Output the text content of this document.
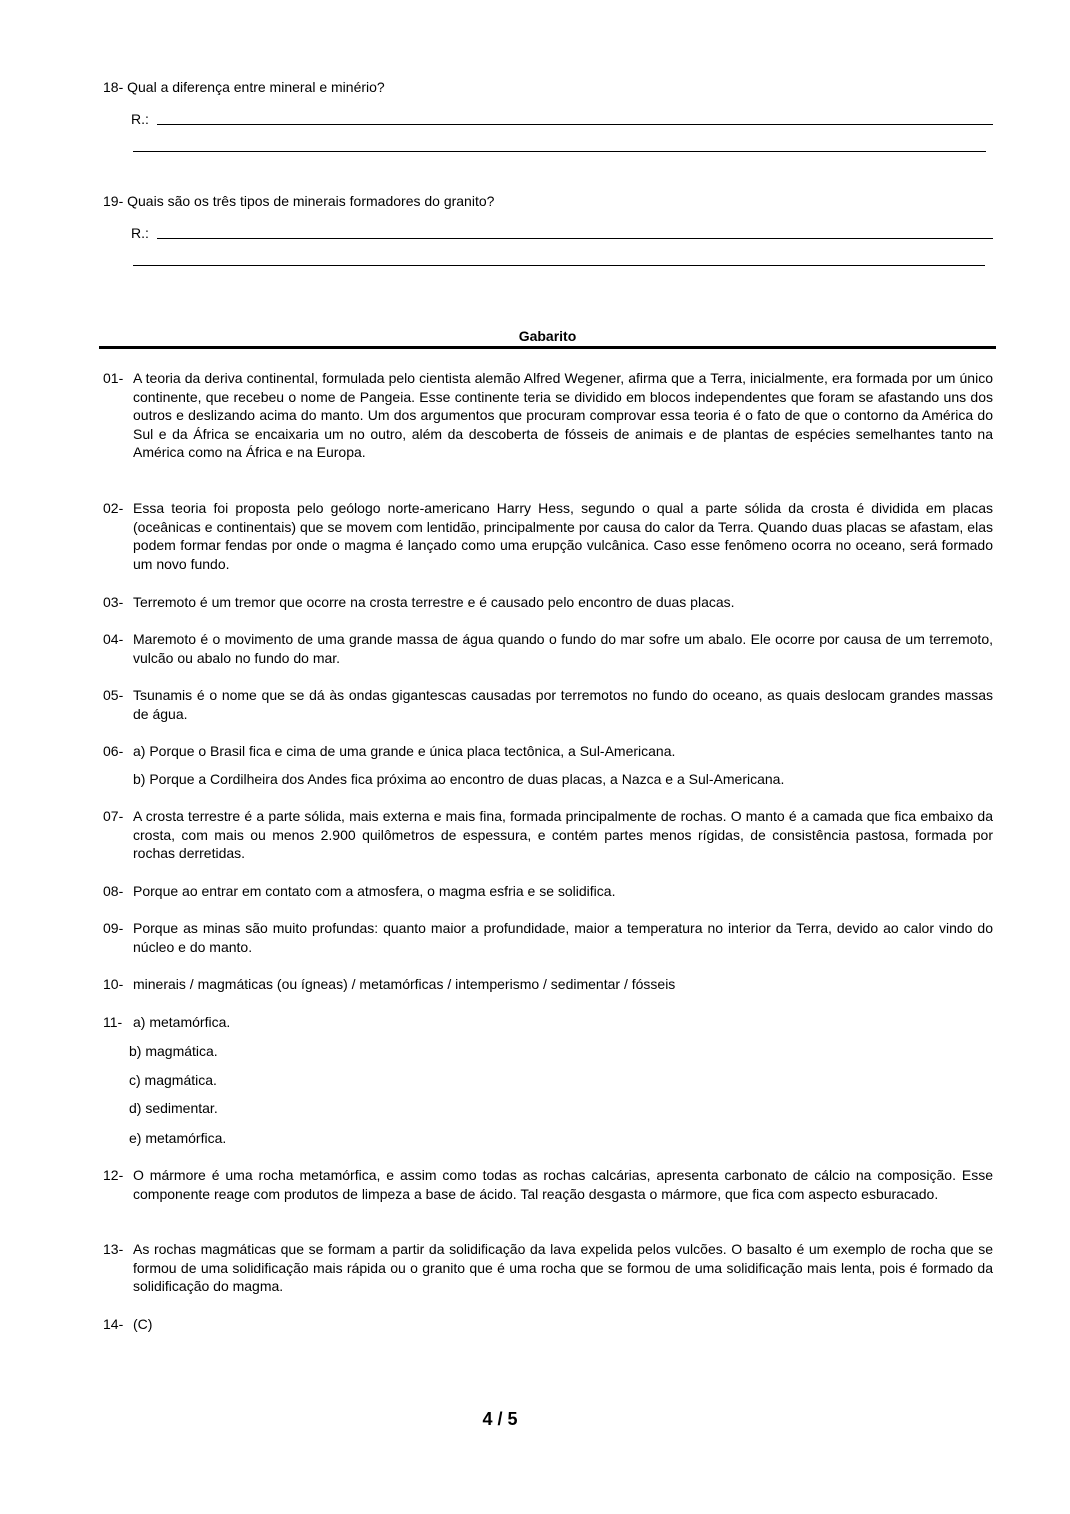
18- Qual a diferença entre mineral e minério?
R.:
19- Quais são os três tipos de minerais formadores do granito?
R.:
Gabarito
01- A teoria da deriva continental, formulada pelo cientista alemão Alfred Wegener, afirma que a Terra, inicialmente, era formada por um único continente, que recebeu o nome de Pangeia. Esse continente teria se dividido em blocos independentes que foram se afastando uns dos outros e deslizando acima do manto. Um dos argumentos que procuram comprovar essa teoria é o fato de que o contorno da América do Sul e da África se encaixaria um no outro, além da descoberta de fósseis de animais e de plantas de espécies semelhantes tanto na América como na África e na Europa.
02- Essa teoria foi proposta pelo geólogo norte-americano Harry Hess, segundo o qual a parte sólida da crosta é dividida em placas (oceânicas e continentais) que se movem com lentidão, principalmente por causa do calor da Terra. Quando duas placas se afastam, elas podem formar fendas por onde o magma é lançado como uma erupção vulcânica. Caso esse fenômeno ocorra no oceano, será formado um novo fundo.
03- Terremoto é um tremor que ocorre na crosta terrestre e é causado pelo encontro de duas placas.
04- Maremoto é o movimento de uma grande massa de água quando o fundo do mar sofre um abalo. Ele ocorre por causa de um terremoto, vulcão ou abalo no fundo do mar.
05- Tsunamis é o nome que se dá às ondas gigantescas causadas por terremotos no fundo do oceano, as quais deslocam grandes massas de água.
06- a) Porque o Brasil fica e cima de uma grande e única placa tectônica, a Sul-Americana.
b) Porque a Cordilheira dos Andes fica próxima ao encontro de duas placas, a Nazca e a Sul-Americana.
07- A crosta terrestre é a parte sólida, mais externa e mais fina, formada principalmente de rochas. O manto é a camada que fica embaixo da crosta, com mais ou menos 2.900 quilômetros de espessura, e contém partes menos rígidas, de consistência pastosa, formada por rochas derretidas.
08- Porque ao entrar em contato com a atmosfera, o magma esfria e se solidifica.
09- Porque as minas são muito profundas: quanto maior a profundidade, maior a temperatura no interior da Terra, devido ao calor vindo do núcleo e do manto.
10- minerais / magmáticas (ou ígneas) / metamórficas / intemperismo / sedimentar / fósseis
11- a) metamórfica.
b) magmática.
c) magmática.
d) sedimentar.
e) metamórfica.
12- O mármore é uma rocha metamórfica, e assim como todas as rochas calcárias, apresenta carbonato de cálcio na composição. Esse componente reage com produtos de limpeza a base de ácido. Tal reação desgasta o mármore, que fica com aspecto esburacado.
13- As rochas magmáticas que se formam a partir da solidificação da lava expelida pelos vulcões. O basalto é um exemplo de rocha que se formou de uma solidificação mais rápida ou o granito que é uma rocha que se formou de uma solidificação mais lenta, pois é formado da solidificação do magma.
14- (C)
4 / 5
